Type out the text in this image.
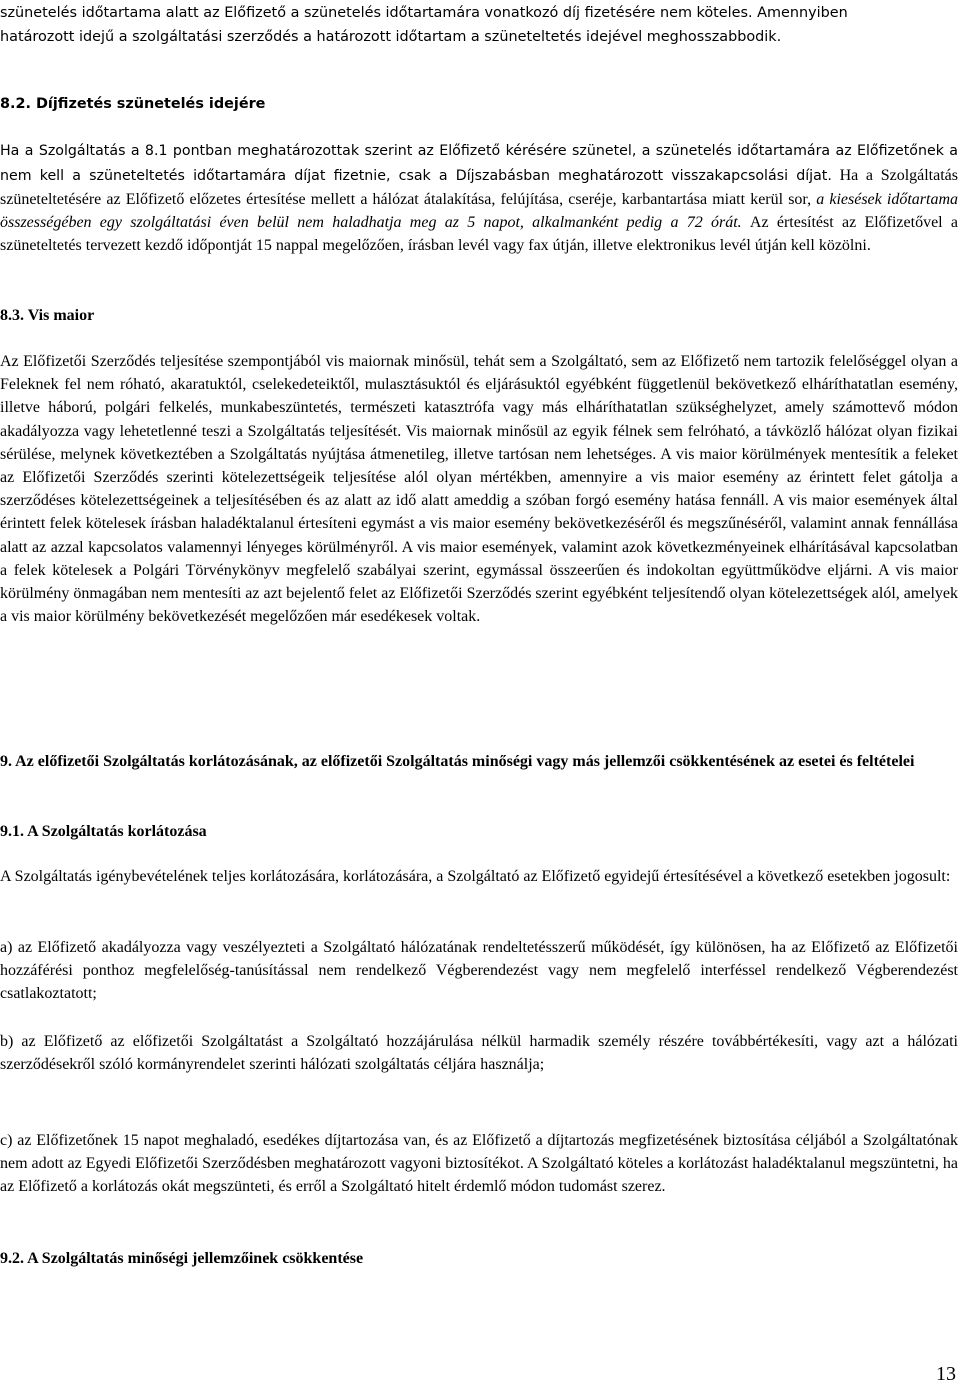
szünetelés időtartama alatt az Előfizető a szünetelés időtartamára vonatkozó díj fizetésére nem köteles. Amennyiben
határozott idejű a szolgáltatási szerződés a határozott időtartam a szüneteltetés idejével meghosszabbodik.

8.2. Díjfizetés szünetelés idejére

Ha a Szolgáltatás a 8.1 pontban meghatározottak szerint az Előfizető kérésére szünetel, a szünetelés időtartamára az Előfizetőnek a nem kell a szüneteltetés időtartamára díjat fizetnie, csak a Díjszabásban meghatározott visszakapcsolási díjat. Ha a Szolgáltatás szüneteltetésére az Előfizető előzetes értesítése mellett a hálózat átalakítása, felújítása, cseréje, karbantartása miatt kerül sor, a kiesések időtartama összességében egy szolgáltatási éven belül nem haladhatja meg az 5 napot, alkalmanként pedig a 72 órát. Az értesítést az Előfizetővel a szüneteltetés tervezett kezdő időpontját 15 nappal megelőzően, írásban levél vagy fax útján, illetve elektronikus levél útján kell közölni.

8.3. Vis maior

Az Előfizetői Szerződés teljesítése szempontjából vis maiornak minősül, tehát sem a Szolgáltató, sem az Előfizető nem tartozik felelőséggel olyan a Feleknek fel nem róható, akaratuktól, cselekedeteiktől, mulasztásuktól és eljárásuktól egyébként függetlenül bekövetkező elháríthatatlan esemény, illetve háború, polgári felkelés, munkabeszüntetés, természeti katasztrófa vagy más elháríthatatlan szükséghelyzet, amely számottevő módon akadályozza vagy lehetetlenné teszi a Szolgáltatás teljesítését. Vis maiornak minősül az egyik félnek sem felróható, a távközlő hálózat olyan fizikai sérülése, melynek következtében a Szolgáltatás nyújtása átmenetileg, illetve tartósan nem lehetséges. A vis maior körülmények mentesítik a feleket az Előfizetői Szerződés szerinti kötelezettségeik teljesítése alól olyan mértékben, amennyire a vis maior esemény az érintett felet gátolja a szerződéses kötelezettségeinek a teljesítésében és az alatt az idő alatt ameddig a szóban forgó esemény hatása fennáll. A vis maior események által érintett felek kötelesek írásban haladéktalanul értesíteni egymást a vis maior esemény bekövetkezéséről és megszűnéséről, valamint annak fennállása alatt az azzal kapcsolatos valamennyi lényeges körülményről. A vis maior események, valamint azok következményeinek elhárításával kapcsolatban a felek kötelesek a Polgári Törvénykönyv megfelelő szabályai szerint, egymással összeerűen és indokoltan együttműködve eljárni. A vis maior körülmény önmagában nem mentesíti az azt bejelentő felet az Előfizetői Szerződés szerint egyébként teljesítendő olyan kötelezettségek alól, amelyek a vis maior körülmény bekövetkezését megelőzően már esedékesek voltak.

9. Az előfizetői Szolgáltatás korlátozásának, az előfizetői Szolgáltatás minőségi vagy más jellemzői csökkentésének az esetei és feltételei
9.1. A Szolgáltatás korlátozása

A Szolgáltatás igénybevételének teljes korlátozására, korlátozására, a Szolgáltató az Előfizető egyidejű értesítésével a következő esetekben jogosult:

a) az Előfizető akadályozza vagy veszélyezteti a Szolgáltató hálózatának rendeltetésszerű működését, így különösen, ha az Előfizető az Előfizetői hozzáférési ponthoz megfelelőség-tanúsítással nem rendelkező Végberendezést vagy nem megfelelő interféssel rendelkező Végberendezést csatlakoztatott;

b) az Előfizető az előfizetői Szolgáltatást a Szolgáltató hozzájárulása nélkül harmadik személy részére továbbértékesíti, vagy azt a hálózati szerződésekről szóló kormányrendelet szerinti hálózati szolgáltatás céljára használja;

c) az Előfizetőnek 15 napot meghaladó, esedékes díjtartozása van, és az Előfizető a díjtartozás megfizetésének biztosítása céljából a Szolgáltatónak nem adott az Egyedi Előfizetői Szerződésben meghatározott vagyoni biztosítékot. A Szolgáltató köteles a korlátozást haladéktalanul megszüntetni, ha az Előfizető a korlátozás okát megszünteti, és erről a Szolgáltató hitelt érdemlő módon tudomást szerez.

9.2. A Szolgáltatás minőségi jellemzőinek csökkentése
13
